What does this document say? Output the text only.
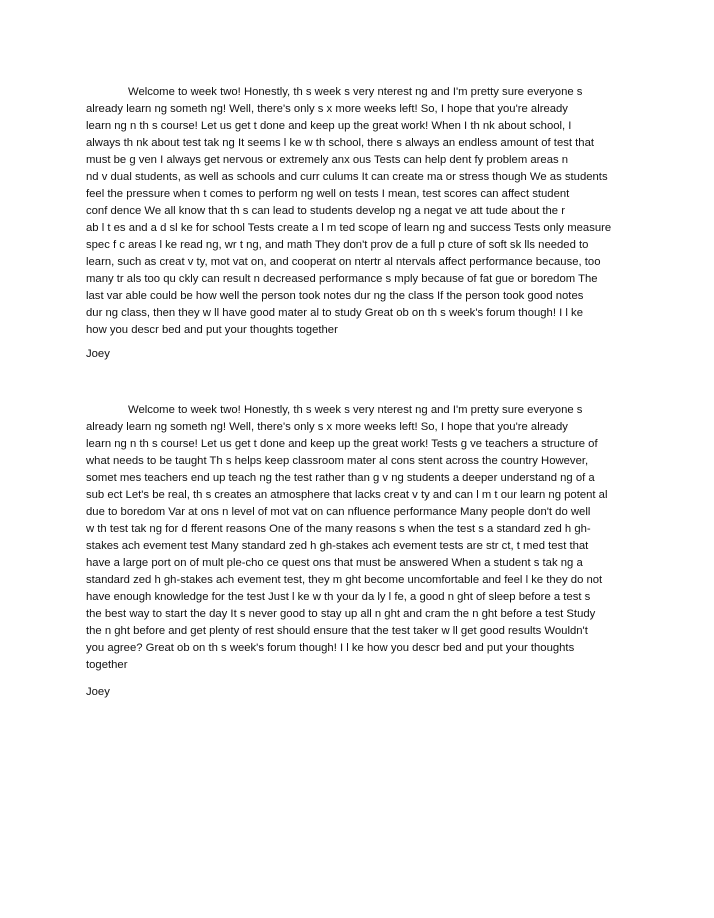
Welcome to week two! Honestly, th s week s very nterest ng and I'm pretty sure everyone s
already learn ng someth ng! Well, there's only s x more weeks left! So, I hope that you're already
learn ng n th s course! Let us get t done and keep up the great work! When I th nk about school, I
always th nk about test tak ng It seems l ke w th school, there s always an endless amount of test that
must be g ven I always get nervous or extremely anx ous Tests can help dent fy problem areas n
nd v dual students, as well as schools and curr culums It can create ma or stress though We as students
feel the pressure when t comes to perform ng well on tests I mean, test scores can affect student
conf dence We all know that th s can lead to students develop ng a negat ve att tude about the r
ab l t es and a d sl ke for school Tests create a l m ted scope of learn ng and success Tests only measure
spec f c areas l ke read ng, wr t ng, and math They don't prov de a full p cture of soft sk lls needed to
learn, such as creat v ty, mot vat on, and cooperat on ntertr al ntervals affect performance because, too
many tr als too qu ckly can result n decreased performance s mply because of fat gue or boredom The
last var able could be how well the person took notes dur ng the class If the person took good notes
dur ng class, then they w ll have good mater al to study Great ob on th s week's forum though! I l ke
how you descr bed and put your thoughts together
Joey
Welcome to week two! Honestly, th s week s very nterest ng and I'm pretty sure everyone s
already learn ng someth ng! Well, there's only s x more weeks left! So, I hope that you're already
learn ng n th s course! Let us get t done and keep up the great work! Tests g ve teachers a structure of
what needs to be taught Th s helps keep classroom mater al cons stent across the country However,
somet mes teachers end up teach ng the test rather than g v ng students a deeper understand ng of a
sub ect Let's be real, th s creates an atmosphere that lacks creat v ty and can l m t our learn ng potent al
due to boredom Var at ons n level of mot vat on can nfluence performance Many people don't do well
w th test tak ng for d fferent reasons One of the many reasons s when the test s a standard zed h gh-
stakes ach evement test Many standard zed h gh-stakes ach evement tests are str ct, t med test that
have a large port on of mult ple-cho ce quest ons that must be answered When a student s tak ng a
standard zed h gh-stakes ach evement test, they m ght become uncomfortable and feel l ke they do not
have enough knowledge for the test Just l ke w th your da ly l fe, a good n ght of sleep before a test s
the best way to start the day It s never good to stay up all n ght and cram the n ght before a test Study
the n ght before and get plenty of rest should ensure that the test taker w ll get good results Wouldn't
you agree? Great ob on th s week's forum though! I l ke how you descr bed and put your thoughts
together
Joey
